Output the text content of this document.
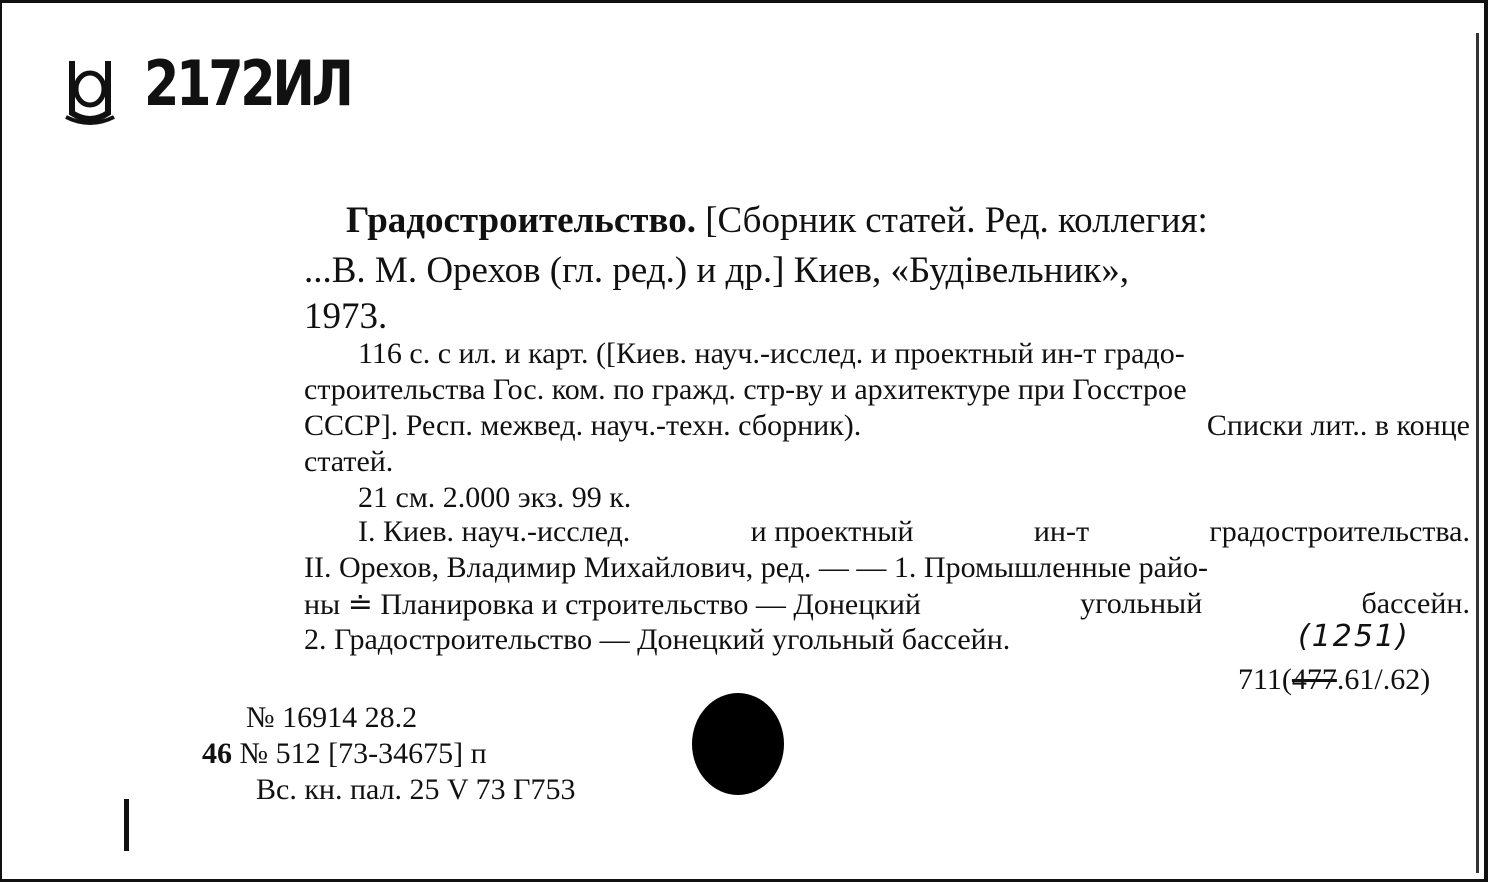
2172ИЛ
Градостроительство. [Сборник статей. Ред. коллегия:
...В. М. Орехов (гл. ред.) и др.] Киев, «Будівельник»,
1973.
116 с. с ил. и карт. ([Киев. науч.-исслед. и проектный ин-т градо-
строительства Гос. ком. по гражд. стр-ву и архитектуре при Госстрое
СССР]. Респ. межвед. науч.-техн. сборник).	Списки лит.. в конце
статей.
21 см. 2.000 экз. 99 к.
I. Киев. науч.-исслед.	и проектный	ин-т	градостроительства.
II. Орехов, Владимир Михайлович, ред. — — 1. Промышленные райо-
ны ≐ Планировка и строительство — Донецкий	угольный	бассейн.
2. Градостроительство — Донецкий угольный бассейн.	(1251)
711(477.61/.62)
№ 16914 28.2
46 № 512 [73-34675] п
Вс. кн. пал. 25 V 73 Г753
